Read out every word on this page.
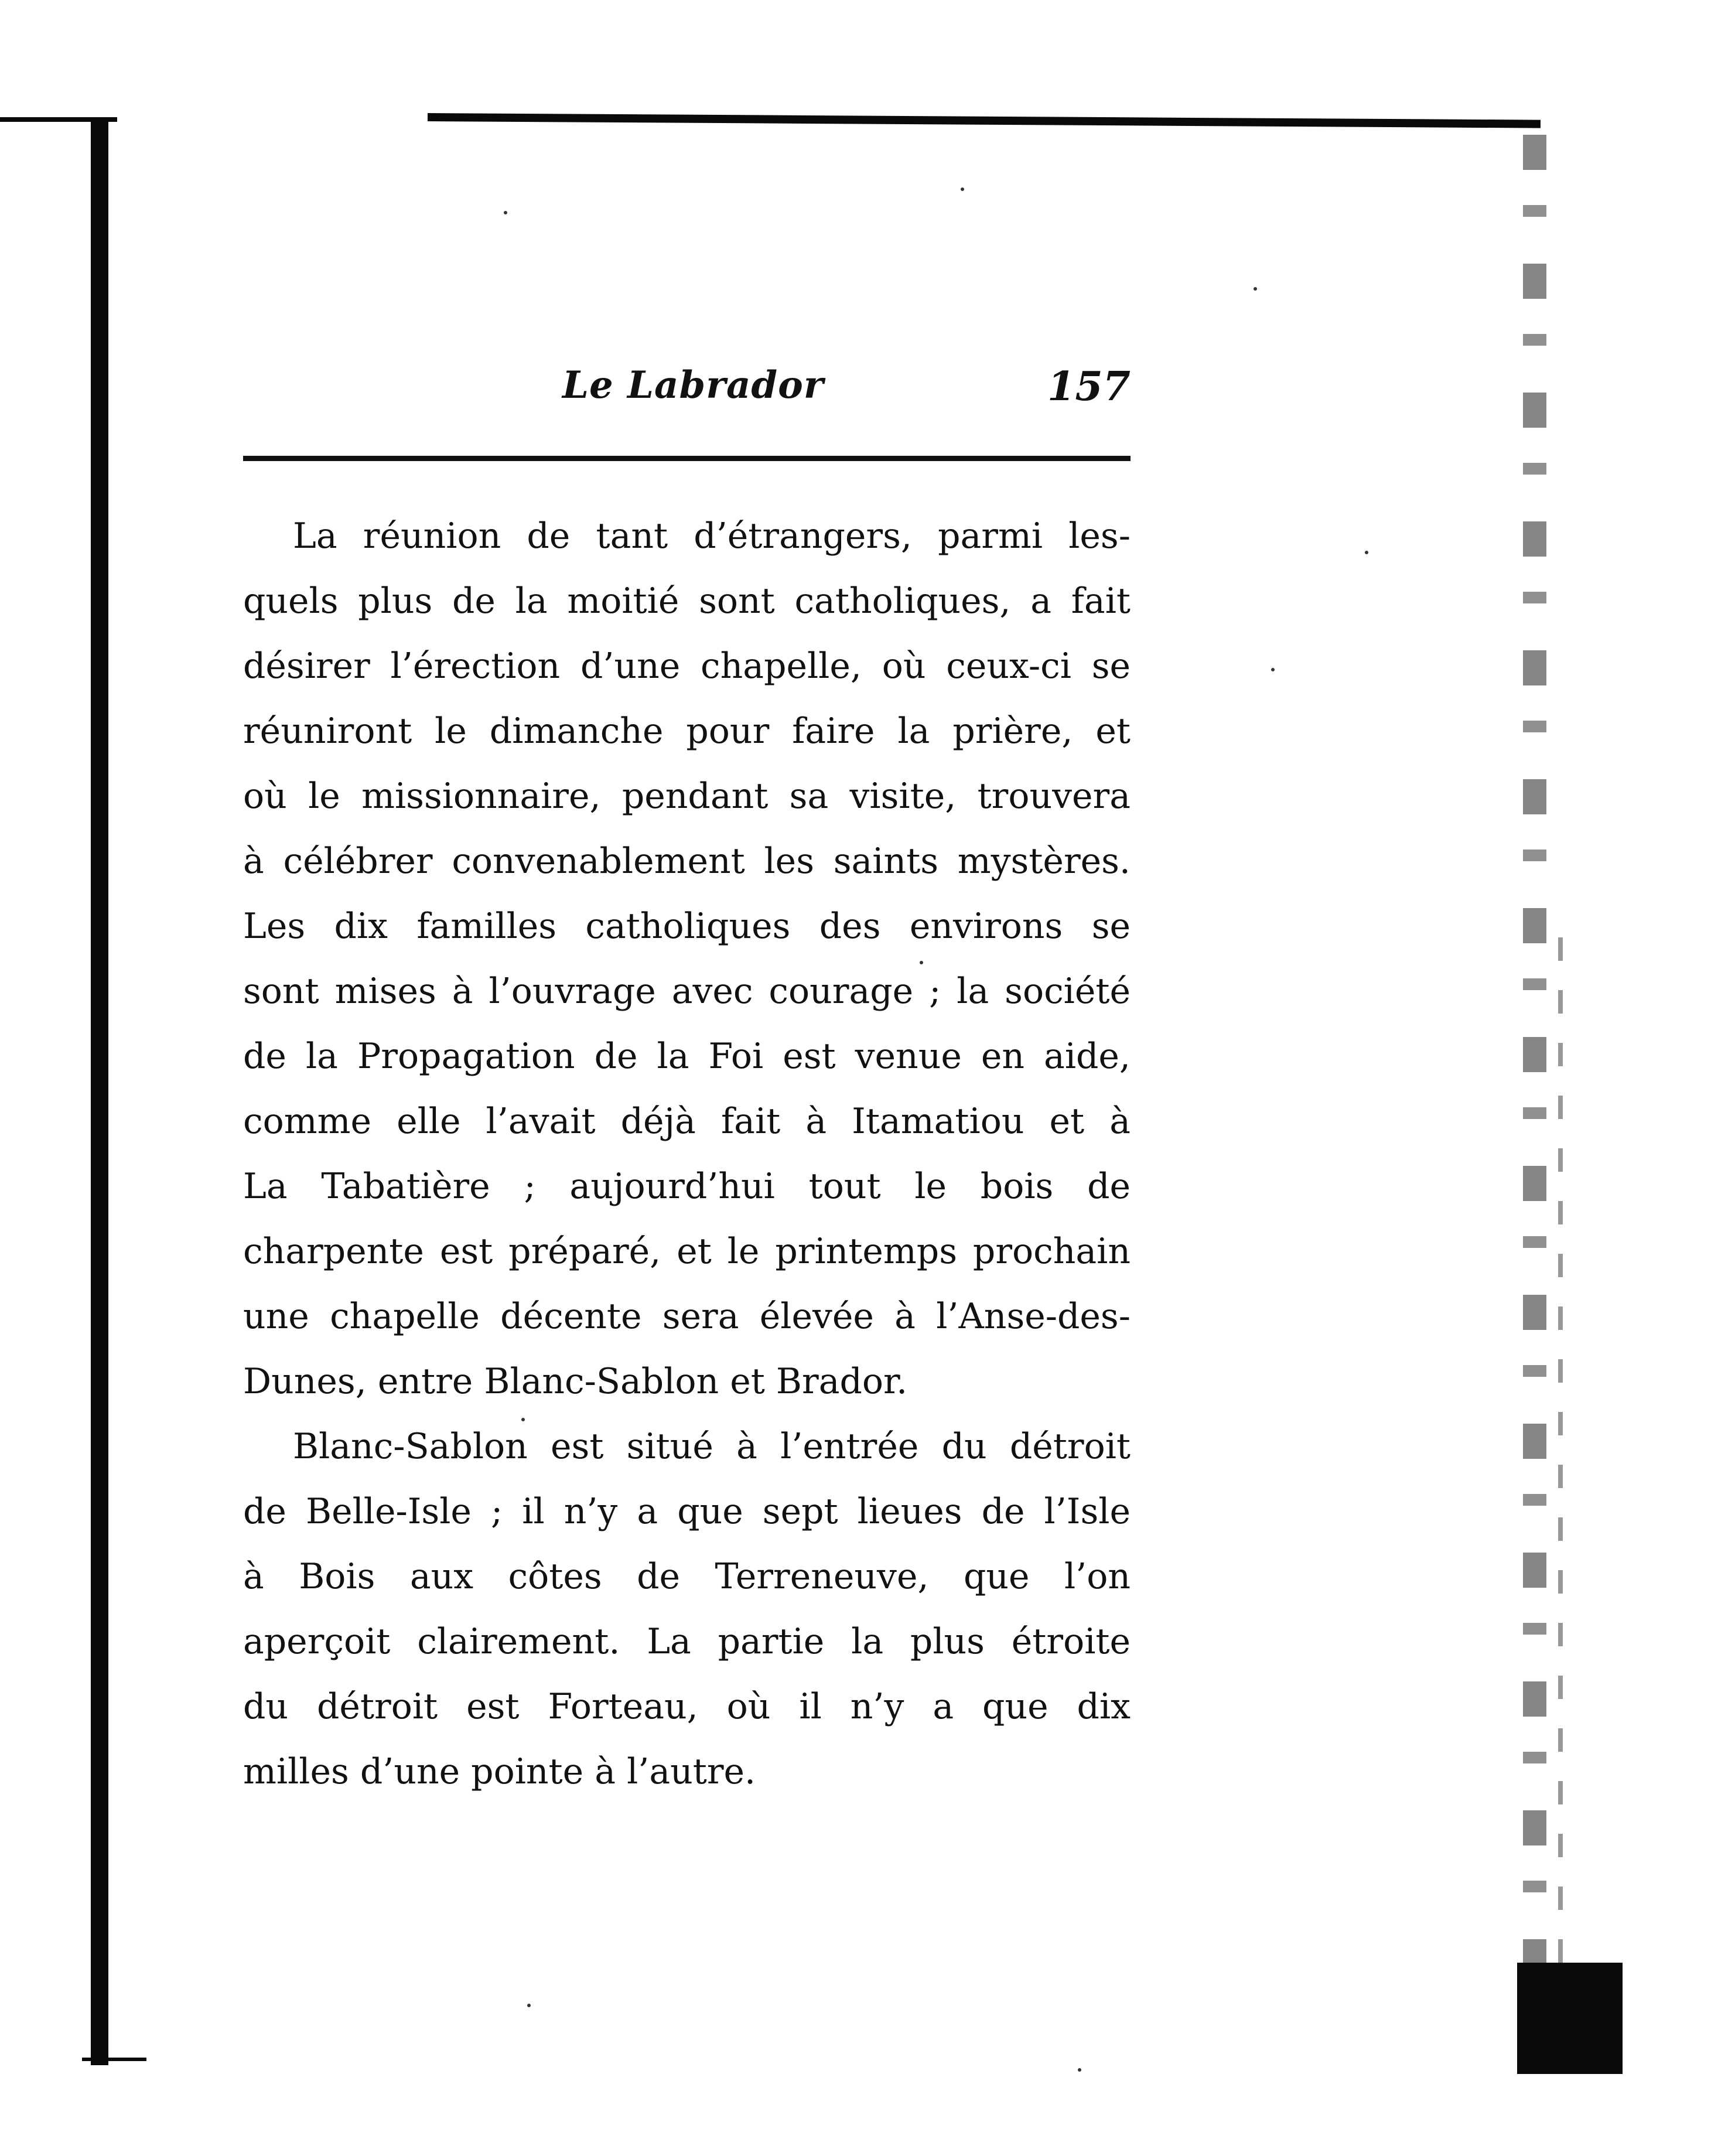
Le Labrador	157
La réunion de tant d’étrangers, parmi les-
quels plus de la moitié sont catholiques, a fait
désirer l’érection d’une chapelle, où ceux-ci se
réuniront le dimanche pour faire la prière, et
où le missionnaire, pendant sa visite, trouvera
à célébrer convenablement les saints mystères.
Les dix familles catholiques des environs se
sont mises à l’ouvrage avec courage ; la société
de la Propagation de la Foi est venue en aide,
comme elle l’avait déjà fait à Itamatiou et à
La Tabatière ; aujourd’hui tout le bois de
charpente est préparé, et le printemps prochain
une chapelle décente sera élevée à l’Anse-des-
Dunes, entre Blanc-Sablon et Brador.
Blanc-Sablon est situé à l’entrée du détroit
de Belle-Isle ; il n’y a que sept lieues de l’Isle
à Bois aux côtes de Terreneuve, que l’on
aperçoit clairement. La partie la plus étroite
du détroit est Forteau, où il n’y a que dix
milles d’une pointe à l’autre.
